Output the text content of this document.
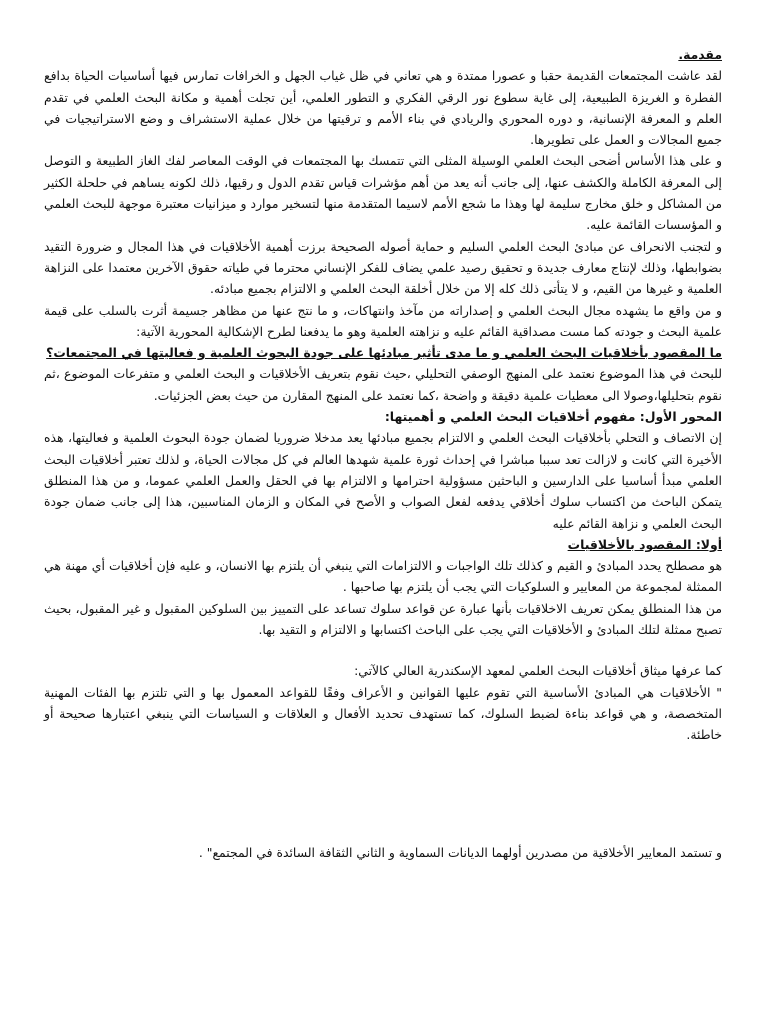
مقدمة.

لقد عاشت المجتمعات القديمة حقبا و عصورا ممتدة و هي تعاني في ظل غياب الجهل و الخرافات تمارس فيها أساسيات الحياة بدافع الفطرة و الغريزة الطبيعية، إلى غاية سطوع نور الرقي الفكري و التطور العلمي، أين تجلت أهمية و مكانة البحث العلمي في تقدم العلم و المعرفة الإنسانية، و دوره المحوري والريادي في بناء الأمم و ترقيتها من خلال عملية الاستشراف و وضع الاستراتيجيات في جميع المجالات و العمل على تطويرها.

و على هذا الأساس أضحى البحث العلمي الوسيلة المثلى التي تتمسك بها المجتمعات في الوقت المعاصر لفك الغاز الطبيعة و التوصل إلى المعرفة الكاملة والكشف عنها، إلى جانب أنه يعد من أهم مؤشرات قياس تقدم الدول و رقيها، ذلك لكونه يساهم في حلحلة الكثير من المشاكل و خلق مخارج سليمة لها وهذا ما شجع الأمم لاسيما المتقدمة منها لتسخير موارد و ميزانيات معتبرة موجهة للبحث العلمي و المؤسسات القائمة عليه.

و لتجنب الانحراف عن مبادئ البحث العلمي السليم و حماية أصوله الصحيحة برزت أهمية الأخلاقيات في هذا المجال و ضرورة التقيد بضوابطها، وذلك لإنتاج معارف جديدة و تحقيق رصيد علمي يضاف للفكر الإنساني محترما في طياته حقوق الآخرين معتمدا على النزاهة العلمية و غيرها من القيم، و لا يتأتى ذلك كله إلا من خلال أخلقة البحث العلمي و الالتزام بجميع مبادئه.

و من واقع ما يشهده مجال البحث العلمي و إصداراته من مآخذ وانتهاكات، و ما نتج عنها من مظاهر جسيمة أثرت بالسلب على قيمة علمية البحث و جودته كما مست مصداقية القائم عليه و نزاهته العلمية وهو ما يدفعنا لطرح الإشكالية المحورية الآتية:

ما المقصود بأخلاقيات البحث العلمي و ما مدى تأثير مبادئها على جودة البحوث العلمية و فعاليتها في المجتمعات؟

للبحث في هذا الموضوع نعتمد على المنهج الوصفي التحليلي ،حيث نقوم بتعريف الأخلاقيات و البحث العلمي و متفرعات الموضوع ،ثم نقوم بتحليلها،وصولا الى معطيات علمية دقيقة و واضحة ،كما نعتمد على المنهج المقارن من حيث بعض الجزئيات.

المحور الأول: مفهوم أخلاقيات البحث العلمي و أهميتها:

إن الاتصاف و التحلي بأخلاقيات البحث العلمي و الالتزام بجميع مبادئها يعد مدخلا ضروريا لضمان جودة البحوث العلمية و فعاليتها، هذه الأخيرة التي كانت و لازالت تعد سببا مباشرا في إحداث ثورة علمية شهدها العالم في كل مجالات الحياة، و لذلك تعتبر أخلاقيات البحث العلمي مبدأ أساسيا على الدارسين و الباحثين مسؤولية احترامها و الالتزام بها في الحقل والعمل العلمي عموما، و من هذا المنطلق يتمكن الباحث من اكتساب سلوك أخلاقي يدفعه لفعل الصواب و الأصح في المكان و الزمان المناسبين، هذا إلى جانب ضمان جودة البحث العلمي و نزاهة القائم عليه

أولا: المقصود بالأخلاقيات

هو مصطلح يحدد المبادئ و القيم و كذلك تلك الواجبات و الالتزامات التي ينبغي أن يلتزم بها الانسان، و عليه فإن أخلاقيات أي مهنة هي الممثلة لمجموعة من المعايير و السلوكيات التي يجب أن يلتزم بها صاحبها .

من هذا المنطلق يمكن تعريف الاخلاقيات بأنها عبارة عن قواعد سلوك تساعد على التمييز بين السلوكين المقبول و غير المقبول، بحيث تصبح ممثلة لتلك المبادئ و الأخلاقيات التي يجب على الباحث اكتسابها و الالتزام و التقيد بها.

كما عرفها ميثاق أخلاقيات البحث العلمي لمعهد الإسكندرية العالي كالآتي:

" الأخلاقيات هي المبادئ الأساسية التي تقوم عليها القوانين و الأعراف وفقًا للقواعد المعمول بها و التي تلتزم بها الفئات المهنية المتخصصة، و هي قواعد بناءة لضبط السلوك، كما تستهدف تحديد الأفعال و العلاقات و السياسات التي ينبغي اعتبارها صحيحة أو خاطئة.

و تستمد المعايير الأخلاقية من مصدرين أولهما الديانات السماوية و الثاني الثقافة السائدة في المجتمع" .
